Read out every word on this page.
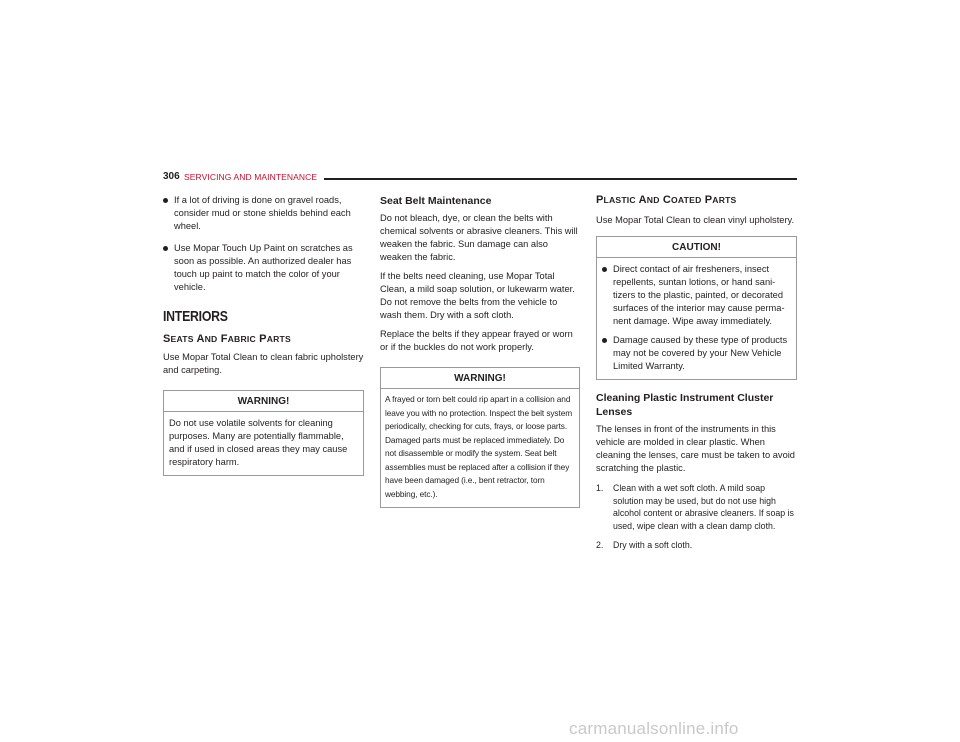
306 SERVICING AND MAINTENANCE
If a lot of driving is done on gravel roads, consider mud or stone shields behind each wheel.
Use Mopar Touch Up Paint on scratches as soon as possible. An authorized dealer has touch up paint to match the color of your vehicle.
INTERIORS
SEATS AND FABRIC PARTS

Use Mopar Total Clean to clean fabric upholstery and carpeting.

WARNING!
Do not use volatile solvents for cleaning purposes. Many are potentially flammable, and if used in closed areas they may cause respiratory harm.
Seat Belt Maintenance

Do not bleach, dye, or clean the belts with chemical solvents or abrasive cleaners. This will weaken the fabric. Sun damage can also weaken the fabric.

If the belts need cleaning, use Mopar Total Clean, a mild soap solution, or lukewarm water. Do not remove the belts from the vehicle to wash them. Dry with a soft cloth.

Replace the belts if they appear frayed or worn or if the buckles do not work properly.

WARNING!
A frayed or torn belt could rip apart in a collision and leave you with no protection. Inspect the belt system periodically, checking for cuts, frays, or loose parts. Damaged parts must be replaced immediately. Do not disassemble or modify the system. Seat belt assemblies must be replaced after a collision if they have been damaged (i.e., bent retractor, torn webbing, etc.).
PLASTIC AND COATED PARTS

Use Mopar Total Clean to clean vinyl upholstery.

CAUTION!
Direct contact of air fresheners, insect repellents, suntan lotions, or hand sani-tizers to the plastic, painted, or decorated surfaces of the interior may cause perma-nent damage. Wipe away immediately.
Damage caused by these type of products may not be covered by your New Vehicle Limited Warranty.
Cleaning Plastic Instrument Cluster Lenses

The lenses in front of the instruments in this vehicle are molded in clear plastic. When cleaning the lenses, care must be taken to avoid scratching the plastic.

1. Clean with a wet soft cloth. A mild soap solution may be used, but do not use high alcohol content or abrasive cleaners. If soap is used, wipe clean with a clean damp cloth.
2. Dry with a soft cloth.
carmanualsonline.info
